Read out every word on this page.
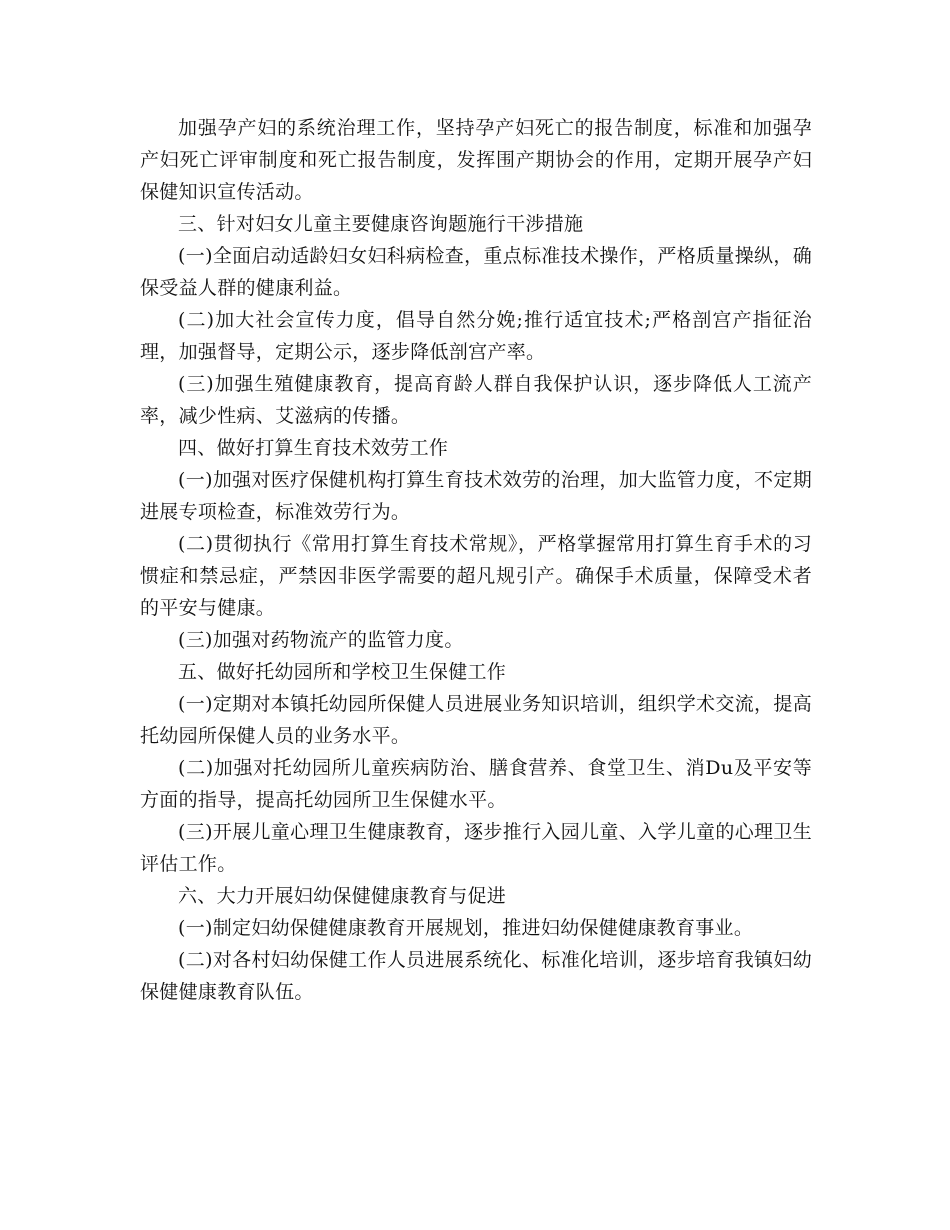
加强孕产妇的系统治理工作，坚持孕产妇死亡的报告制度，标准和加强孕产妇死亡评审制度和死亡报告制度，发挥围产期协会的作用，定期开展孕产妇保健知识宣传活动。

三、针对妇女儿童主要健康咨询题施行干涉措施

(一)全面启动适龄妇女妇科病检查，重点标准技术操作，严格质量操纵，确保受益人群的健康利益。

(二)加大社会宣传力度，倡导自然分娩;推行适宜技术;严格剖宫产指征治理，加强督导，定期公示，逐步降低剖宫产率。

(三)加强生殖健康教育，提高育龄人群自我保护认识，逐步降低人工流产率，减少性病、艾滋病的传播。

四、做好打算生育技术效劳工作

(一)加强对医疗保健机构打算生育技术效劳的治理，加大监管力度，不定期进展专项检查，标准效劳行为。

(二)贯彻执行《常用打算生育技术常规》，严格掌握常用打算生育手术的习惯症和禁忌症，严禁因非医学需要的超凡规引产。确保手术质量，保障受术者的平安与健康。

(三)加强对药物流产的监管力度。

五、做好托幼园所和学校卫生保健工作

(一)定期对本镇托幼园所保健人员进展业务知识培训，组织学术交流，提高托幼园所保健人员的业务水平。

(二)加强对托幼园所儿童疾病防治、膳食营养、食堂卫生、消Du及平安等方面的指导，提高托幼园所卫生保健水平。

(三)开展儿童心理卫生健康教育，逐步推行入园儿童、入学儿童的心理卫生评估工作。

六、大力开展妇幼保健健康教育与促进

(一)制定妇幼保健健康教育开展规划，推进妇幼保健健康教育事业。

(二)对各村妇幼保健工作人员进展系统化、标准化培训，逐步培育我镇妇幼保健健康教育队伍。
